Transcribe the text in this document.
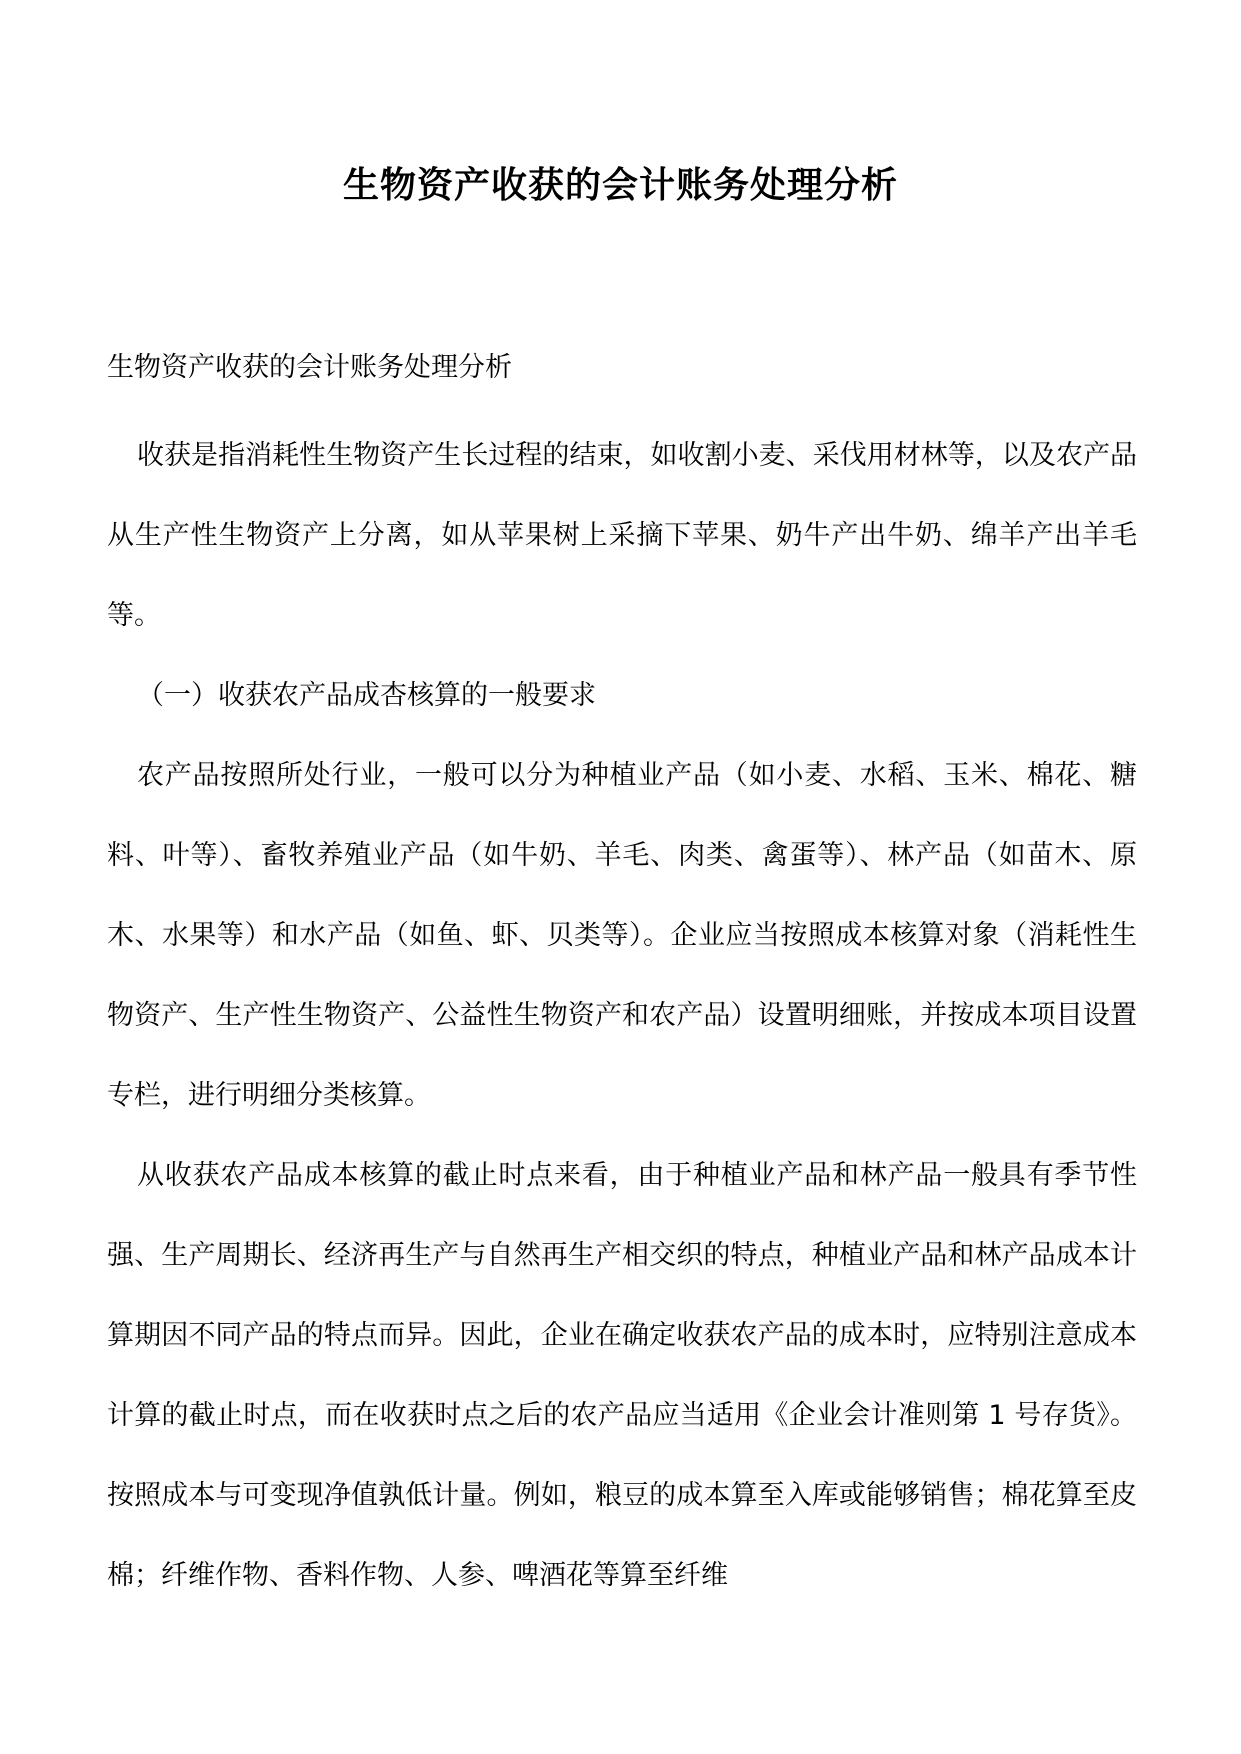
生物资产收获的会计账务处理分析

生物资产收获的会计账务处理分析

收获是指消耗性生物资产生长过程的结束，如收割小麦、采伐用材林等，以及农产品从生产性生物资产上分离，如从苹果树上采摘下苹果、奶牛产出牛奶、绵羊产出羊毛等。

（一）收获农产品成杏核算的一般要求

农产品按照所处行业，一般可以分为种植业产品（如小麦、水稻、玉米、棉花、糖料、叶等）、畜牧养殖业产品（如牛奶、羊毛、肉类、禽蛋等）、林产品（如苗木、原木、水果等）和水产品（如鱼、虾、贝类等）。企业应当按照成本核算对象（消耗性生物资产、生产性生物资产、公益性生物资产和农产品）设置明细账，并按成本项目设置专栏，进行明细分类核算。

从收获农产品成本核算的截止时点来看，由于种植业产品和林产品一般具有季节性强、生产周期长、经济再生产与自然再生产相交织的特点，种植业产品和林产品成本计算期因不同产品的特点而异。因此，企业在确定收获农产品的成本时，应特别注意成本计算的截止时点，而在收获时点之后的农产品应当适用《企业会计准则第 1 号存货》。按照成本与可变现净值孰低计量。例如，粮豆的成本算至入库或能够销售；棉花算至皮棉；纤维作物、香料作物、人参、啤酒花等算至纤维
